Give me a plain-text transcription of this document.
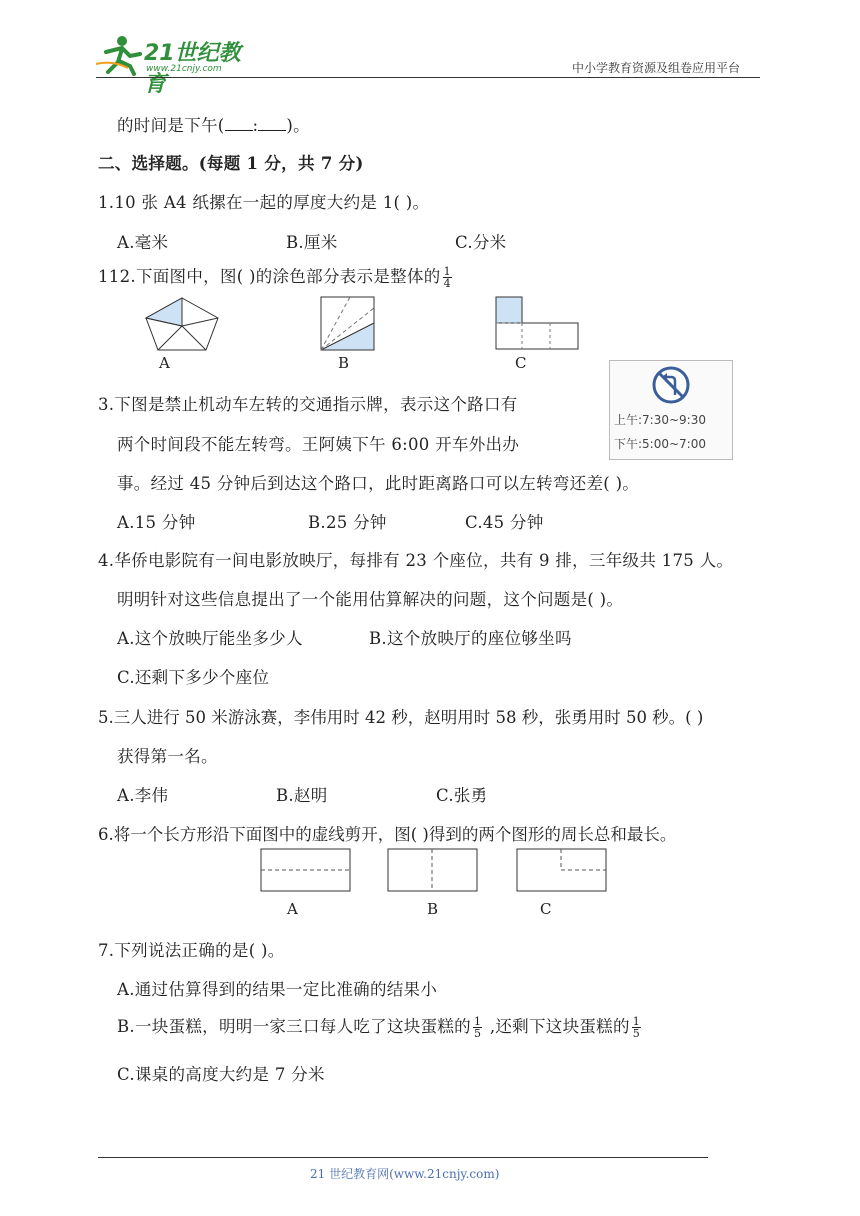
21世纪教育
www.21cnjy.com	中小学教育资源及组卷应用平台
的时间是下午( : )。
二、选择题。(每题 1 分，共 7 分)
1.10 张 A4 纸摞在一起的厚度大约是 1( )。
A.毫米	B.厘米	C.分米
112.下面图中，图( )的涂色部分表示是整体的 $\frac{1}{4}$
A	B	C
上午:7:30~9:30
下午:5:00~7:00
3.下图是禁止机动车左转的交通指示牌，表示这个路口有
两个时间段不能左转弯。王阿姨下午 6:00 开车外出办
事。经过 45 分钟后到达这个路口，此时距离路口可以左转弯还差( )。
A.15 分钟	B.25 分钟	C.45 分钟
4.华侨电影院有一间电影放映厅，每排有 23 个座位，共有 9 排，三年级共 175 人。
明明针对这些信息提出了一个能用估算解决的问题，这个问题是( )。
A.这个放映厅能坐多少人	B.这个放映厅的座位够坐吗
C.还剩下多少个座位
5.三人进行 50 米游泳赛，李伟用时 42 秒，赵明用时 58 秒，张勇用时 50 秒。( )
获得第一名。
A.李伟	B.赵明	C.张勇
6.将一个长方形沿下面图中的虚线剪开，图( )得到的两个图形的周长总和最长。
A	B	C
7.下列说法正确的是( )。
A.通过估算得到的结果一定比准确的结果小
B.一块蛋糕，明明一家三口每人吃了这块蛋糕的 $\frac{1}{5}$ ,还剩下这块蛋糕的 $\frac{1}{5}$
C.课桌的高度大约是 7 分米
21 世纪教育网(www.21cnjy.com)
